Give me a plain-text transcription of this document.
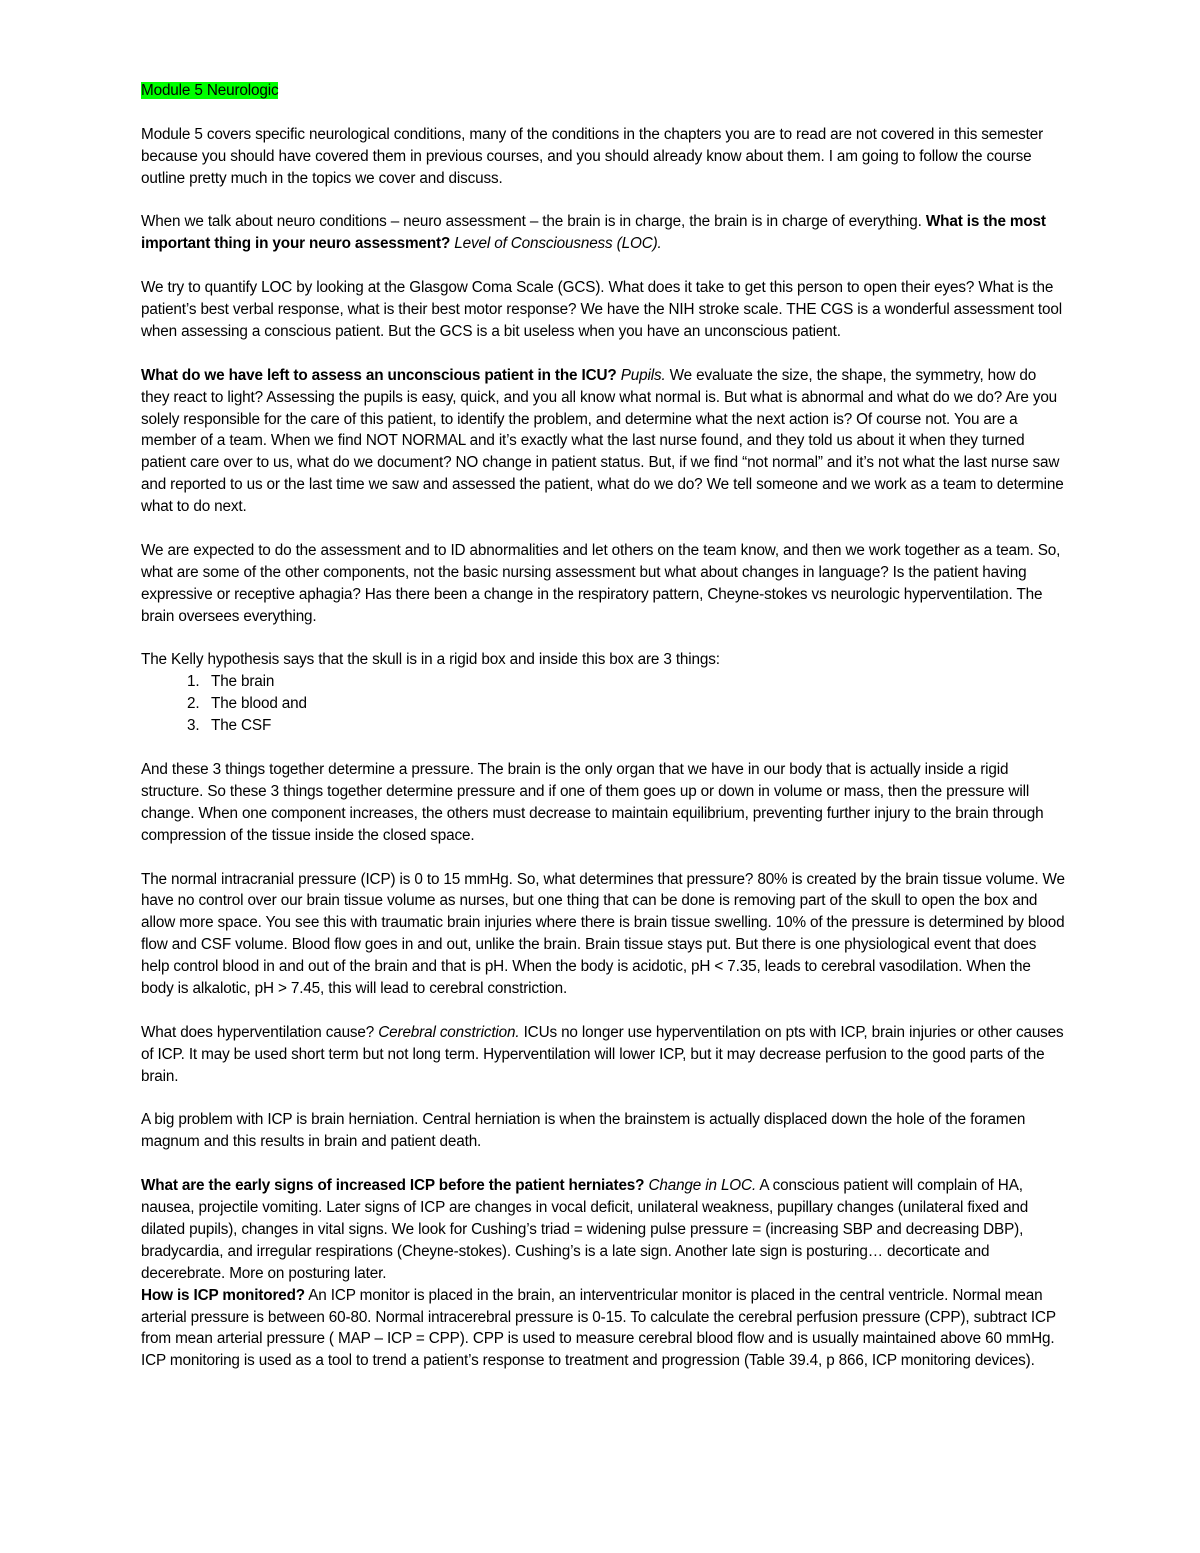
Module 5 Neurologic

Module 5 covers specific neurological conditions, many of the conditions in the chapters you are to read are not covered in this semester because you should have covered them in previous courses, and you should already know about them. I am going to follow the course outline pretty much in the topics we cover and discuss.

When we talk about neuro conditions – neuro assessment – the brain is in charge, the brain is in charge of everything. What is the most important thing in your neuro assessment? Level of Consciousness (LOC).

We try to quantify LOC by looking at the Glasgow Coma Scale (GCS). What does it take to get this person to open their eyes? What is the patient’s best verbal response, what is their best motor response? We have the NIH stroke scale. THE CGS is a wonderful assessment tool when assessing a conscious patient. But the GCS is a bit useless when you have an unconscious patient.

What do we have left to assess an unconscious patient in the ICU? Pupils. We evaluate the size, the shape, the symmetry, how do they react to light? Assessing the pupils is easy, quick, and you all know what normal is. But what is abnormal and what do we do? Are you solely responsible for the care of this patient, to identify the problem, and determine what the next action is? Of course not. You are a member of a team. When we find NOT NORMAL and it’s exactly what the last nurse found, and they told us about it when they turned patient care over to us, what do we document? NO change in patient status. But, if we find “not normal” and it’s not what the last nurse saw and reported to us or the last time we saw and assessed the patient, what do we do? We tell someone and we work as a team to determine what to do next.

We are expected to do the assessment and to ID abnormalities and let others on the team know, and then we work together as a team. So, what are some of the other components, not the basic nursing assessment but what about changes in language? Is the patient having expressive or receptive aphagia? Has there been a change in the respiratory pattern, Cheyne-stokes vs neurologic hyperventilation. The brain oversees everything.

The Kelly hypothesis says that the skull is in a rigid box and inside this box are 3 things:

1. The brain
2. The blood and
3. The CSF

And these 3 things together determine a pressure. The brain is the only organ that we have in our body that is actually inside a rigid structure. So these 3 things together determine pressure and if one of them goes up or down in volume or mass, then the pressure will change. When one component increases, the others must decrease to maintain equilibrium, preventing further injury to the brain through compression of the tissue inside the closed space.

The normal intracranial pressure (ICP) is 0 to 15 mmHg. So, what determines that pressure? 80% is created by the brain tissue volume. We have no control over our brain tissue volume as nurses, but one thing that can be done is removing part of the skull to open the box and allow more space. You see this with traumatic brain injuries where there is brain tissue swelling. 10% of the pressure is determined by blood flow and CSF volume. Blood flow goes in and out, unlike the brain. Brain tissue stays put. But there is one physiological event that does help control blood in and out of the brain and that is pH. When the body is acidotic, pH < 7.35, leads to cerebral vasodilation. When the body is alkalotic, pH > 7.45, this will lead to cerebral constriction.

What does hyperventilation cause? Cerebral constriction. ICUs no longer use hyperventilation on pts with ICP, brain injuries or other causes of ICP. It may be used short term but not long term. Hyperventilation will lower ICP, but it may decrease perfusion to the good parts of the brain.

A big problem with ICP is brain herniation. Central herniation is when the brainstem is actually displaced down the hole of the foramen magnum and this results in brain and patient death.

What are the early signs of increased ICP before the patient herniates? Change in LOC. A conscious patient will complain of HA, nausea, projectile vomiting. Later signs of ICP are changes in vocal deficit, unilateral weakness, pupillary changes (unilateral fixed and dilated pupils), changes in vital signs. We look for Cushing’s triad = widening pulse pressure = (increasing SBP and decreasing DBP), bradycardia, and irregular respirations (Cheyne-stokes). Cushing’s is a late sign. Another late sign is posturing… decorticate and decerebrate. More on posturing later.

How is ICP monitored? An ICP monitor is placed in the brain, an interventricular monitor is placed in the central ventricle. Normal mean arterial pressure is between 60-80. Normal intracerebral pressure is 0-15. To calculate the cerebral perfusion pressure (CPP), subtract ICP from mean arterial pressure ( MAP – ICP = CPP). CPP is used to measure cerebral blood flow and is usually maintained above 60 mmHg. ICP monitoring is used as a tool to trend a patient’s response to treatment and progression (Table 39.4, p 866, ICP monitoring devices).
